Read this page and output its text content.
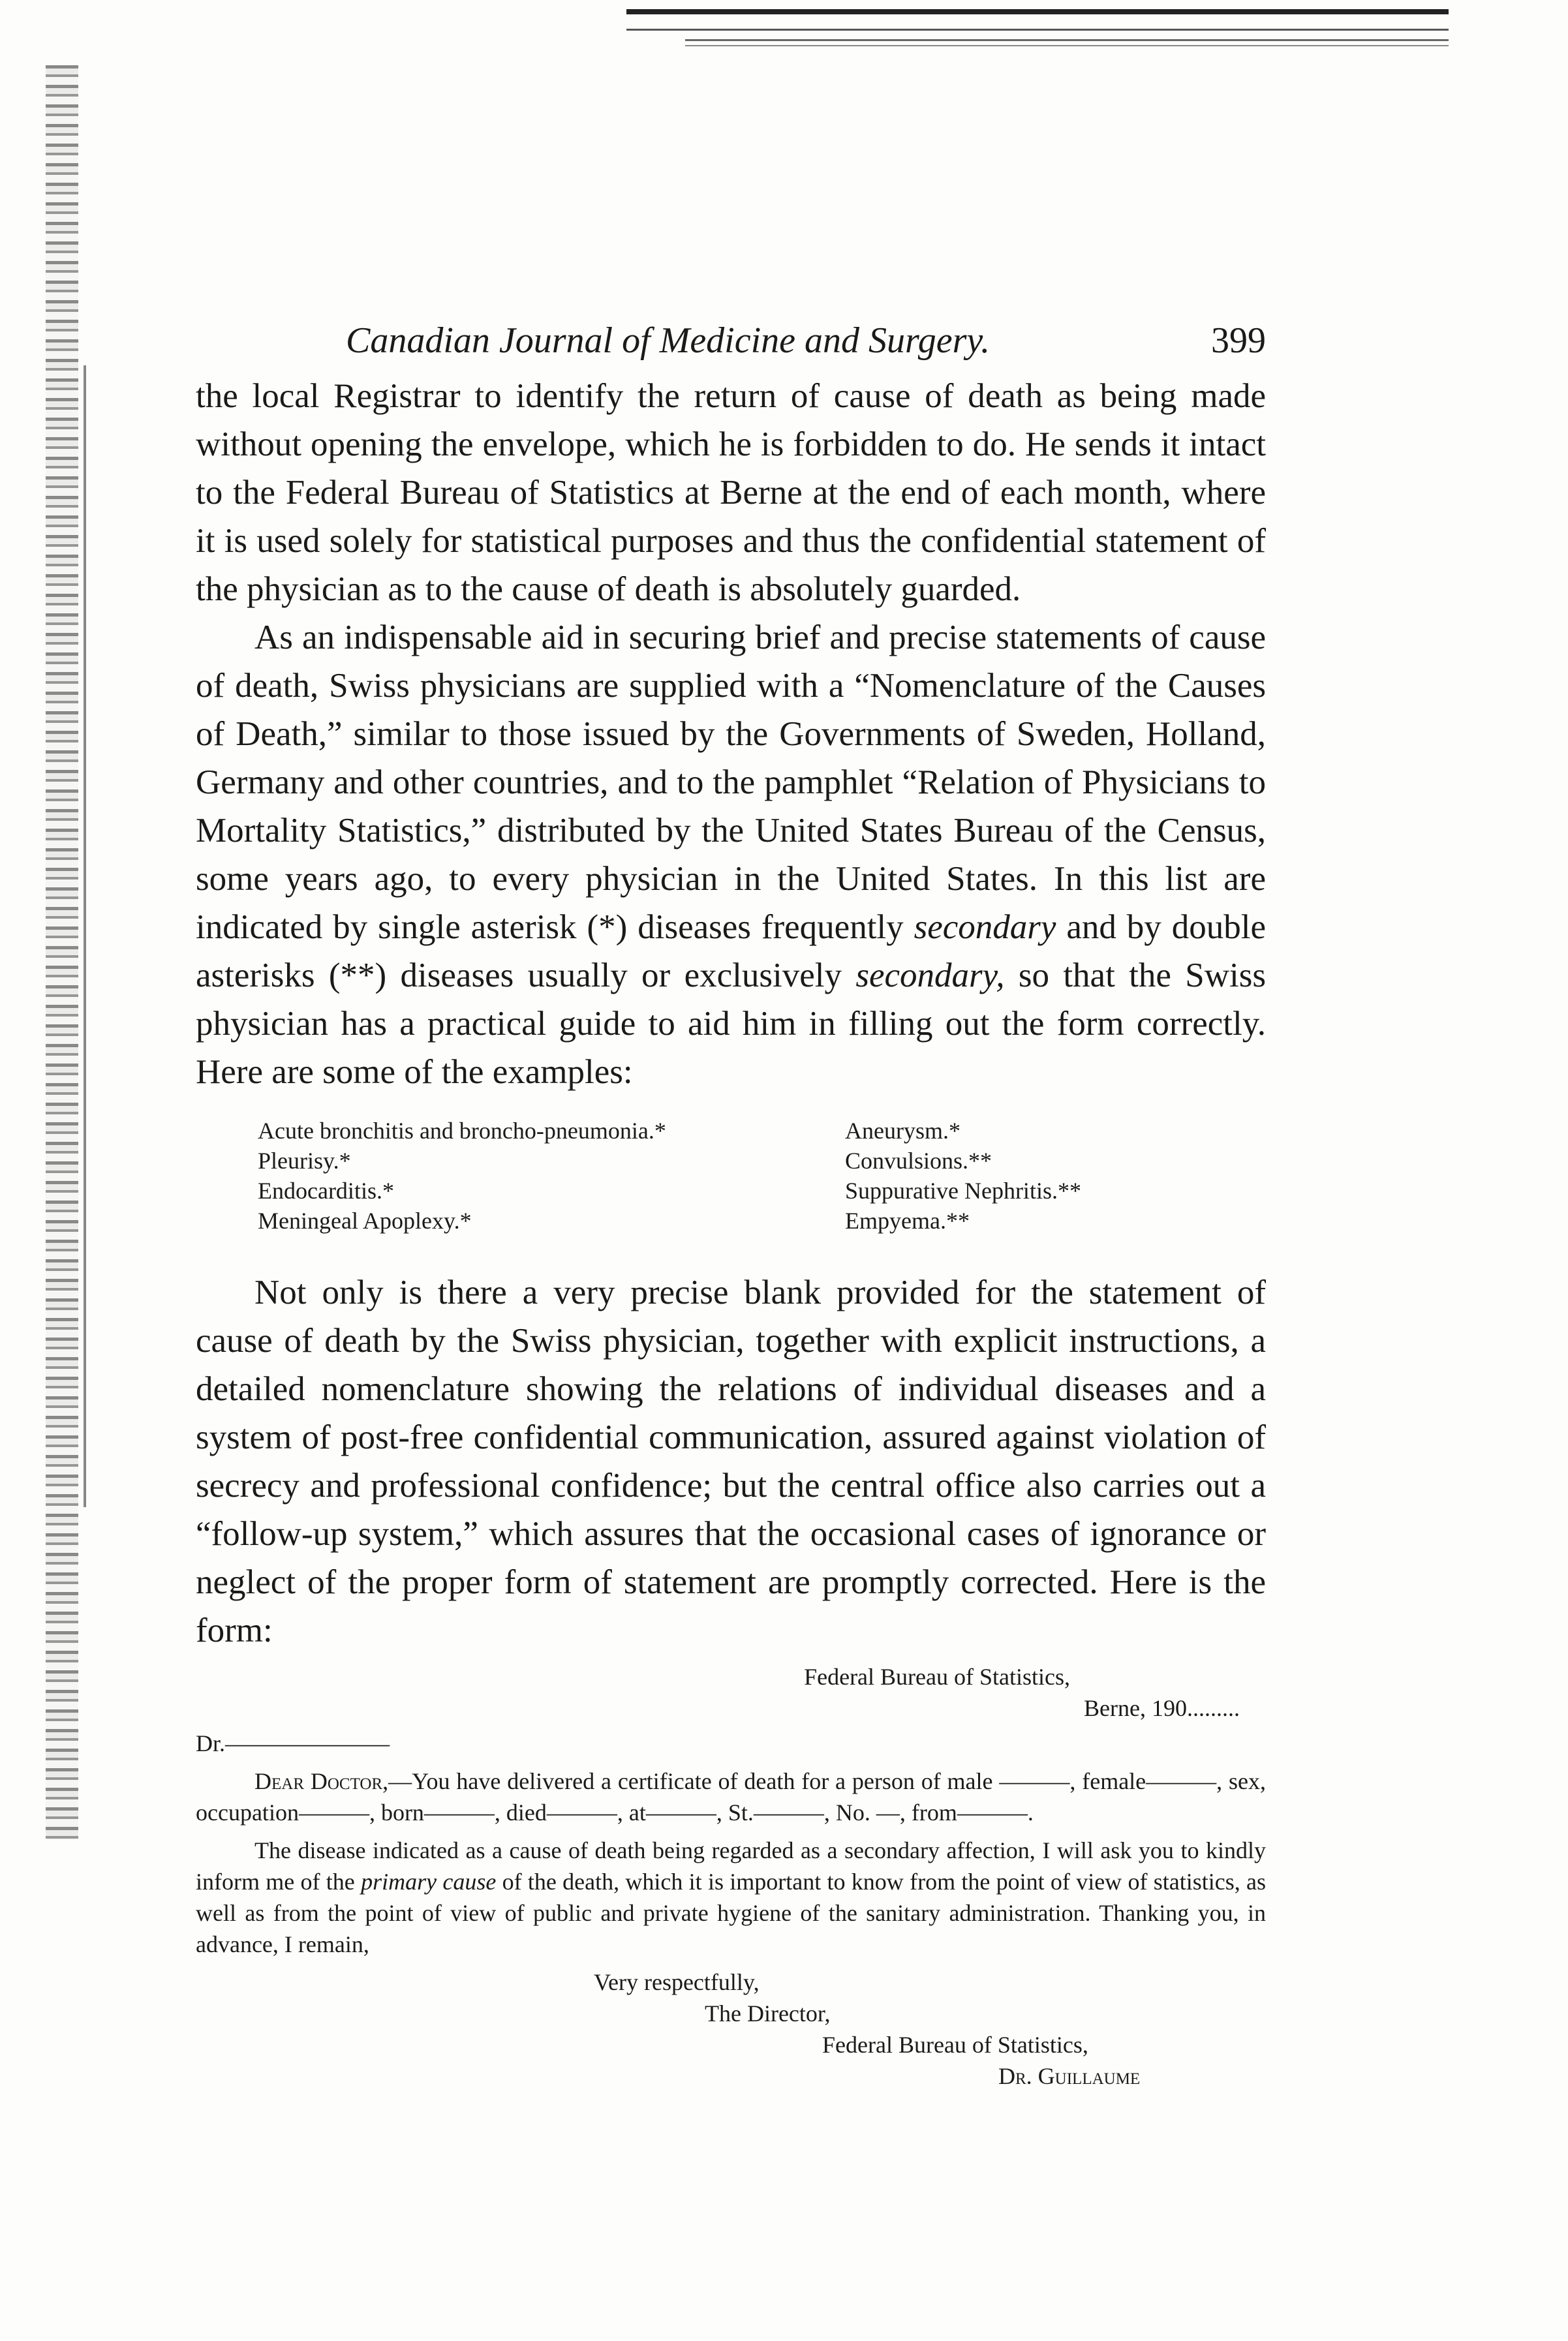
Canadian Journal of Medicine and Surgery.	399

the local Registrar to identify the return of cause of death as being made without opening the envelope, which he is forbidden to do. He sends it intact to the Federal Bureau of Statistics at Berne at the end of each month, where it is used solely for statistical purposes and thus the confidential statement of the physician as to the cause of death is absolutely guarded.

As an indispensable aid in securing brief and precise statements of cause of death, Swiss physicians are supplied with a “Nomenclature of the Causes of Death,” similar to those issued by the Governments of Sweden, Holland, Germany and other countries, and to the pamphlet “Relation of Physicians to Mortality Statistics,” distributed by the United States Bureau of the Census, some years ago, to every physician in the United States. In this list are indicated by single asterisk (*) diseases frequently secondary and by double asterisks (**) diseases usually or exclusively secondary, so that the Swiss physician has a practical guide to aid him in filling out the form correctly. Here are some of the examples:

Acute bronchitis and broncho-pneumonia.*	Aneurysm.*
Pleurisy.*	Convulsions.**
Endocarditis.*	Suppurative Nephritis.**
Meningeal Apoplexy.*	Empyema.**

Not only is there a very precise blank provided for the statement of cause of death by the Swiss physician, together with explicit instructions, a detailed nomenclature showing the relations of individual diseases and a system of post-free confidential communication, assured against violation of secrecy and professional confidence; but the central office also carries out a “follow-up system,” which assures that the occasional cases of ignorance or neglect of the proper form of statement are promptly corrected. Here is the form:

Federal Bureau of Statistics,
Berne, 190.........
Dr.———————

Dear Doctor,—You have delivered a certificate of death for a person of male ———, female———, sex, occupation———, born———, died———, at———, St.———, No. —, from———.

The disease indicated as a cause of death being regarded as a secondary affection, I will ask you to kindly inform me of the primary cause of the death, which it is important to know from the point of view of statistics, as well as from the point of view of public and private hygiene of the sanitary administration. Thanking you, in advance, I remain,

Very respectfully,
The Director,
Federal Bureau of Statistics,
Dr. Guillaume
